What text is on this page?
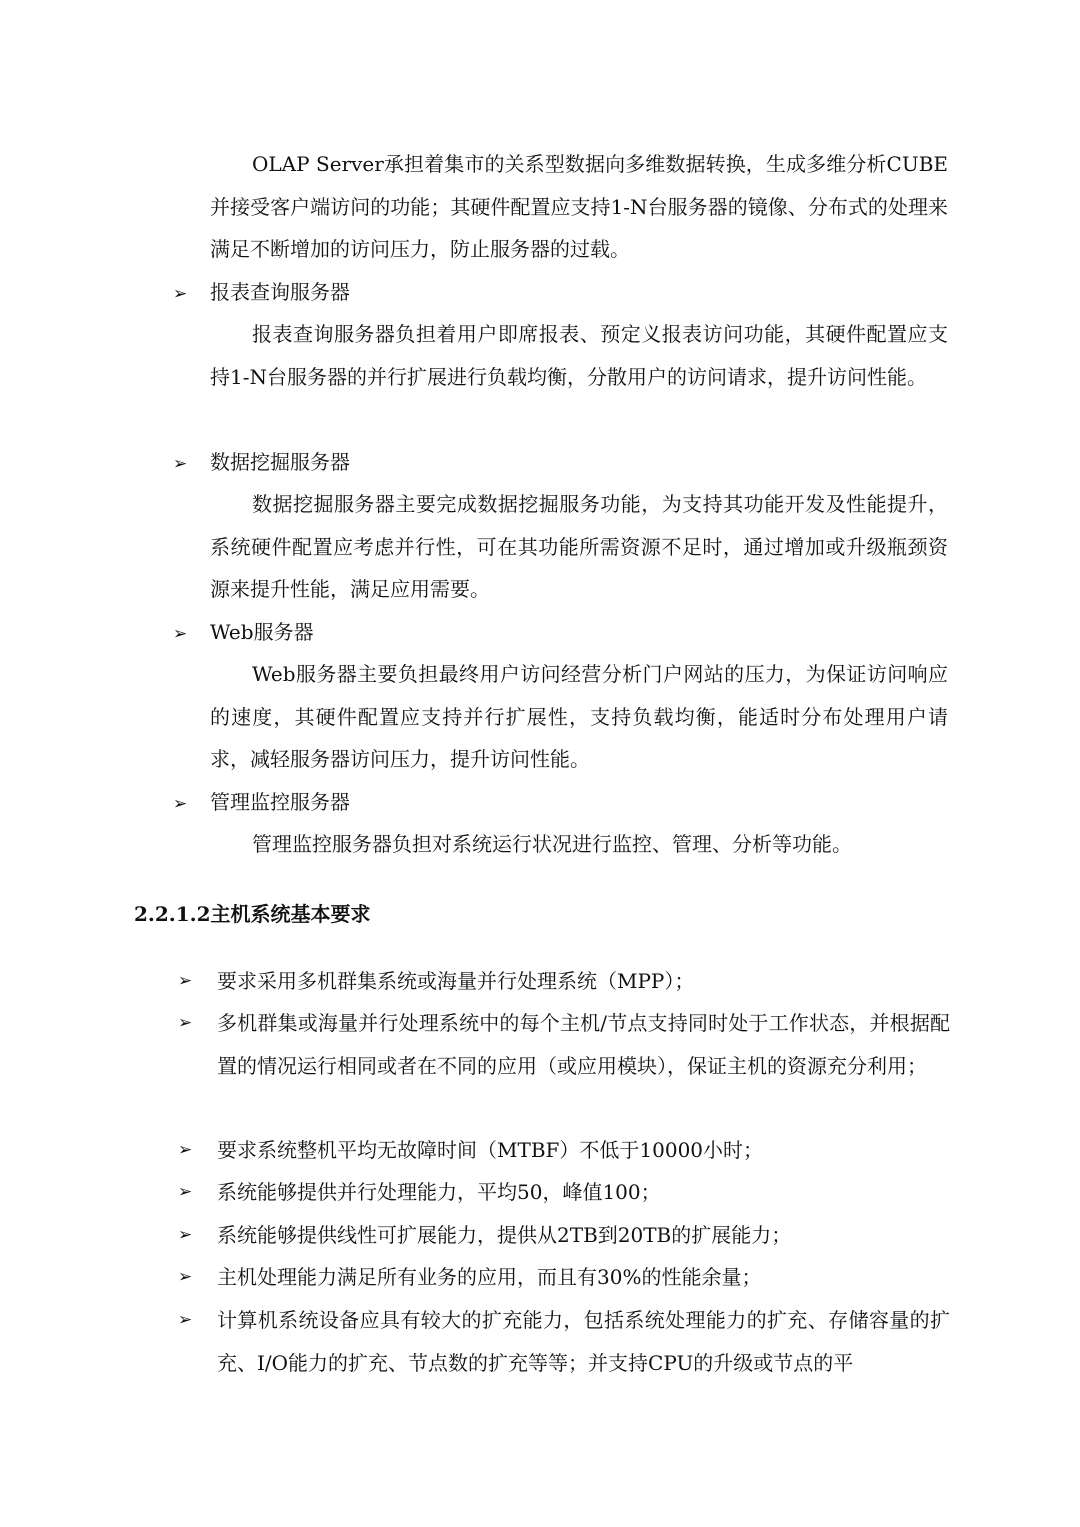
OLAP Server承担着集市的关系型数据向多维数据转换，生成多维分析CUBE并接受客户端访问的功能；其硬件配置应支持1-N台服务器的镜像、分布式的处理来满足不断增加的访问压力，防止服务器的过载。

➢ 报表查询服务器

报表查询服务器负担着用户即席报表、预定义报表访问功能，其硬件配置应支持1-N台服务器的并行扩展进行负载均衡，分散用户的访问请求，提升访问性能。

➢ 数据挖掘服务器

数据挖掘服务器主要完成数据挖掘服务功能，为支持其功能开发及性能提升，系统硬件配置应考虑并行性，可在其功能所需资源不足时，通过增加或升级瓶颈资源来提升性能，满足应用需要。

➢ Web服务器

Web服务器主要负担最终用户访问经营分析门户网站的压力，为保证访问响应的速度，其硬件配置应支持并行扩展性，支持负载均衡，能适时分布处理用户请求，减轻服务器访问压力，提升访问性能。

➢ 管理监控服务器

管理监控服务器负担对系统运行状况进行监控、管理、分析等功能。

2.2.1.2主机系统基本要求

➢ 要求采用多机群集系统或海量并行处理系统（MPP）；
➢ 多机群集或海量并行处理系统中的每个主机/节点支持同时处于工作状态，并根据配置的情况运行相同或者在不同的应用（或应用模块），保证主机的资源充分利用；
➢ 要求系统整机平均无故障时间（MTBF）不低于10000小时；
➢ 系统能够提供并行处理能力，平均50，峰值100；
➢ 系统能够提供线性可扩展能力，提供从2TB到20TB的扩展能力；
➢ 主机处理能力满足所有业务的应用，而且有30%的性能余量；
➢ 计算机系统设备应具有较大的扩充能力，包括系统处理能力的扩充、存储容量的扩充、I/O能力的扩充、节点数的扩充等等；并支持CPU的升级或节点的平
